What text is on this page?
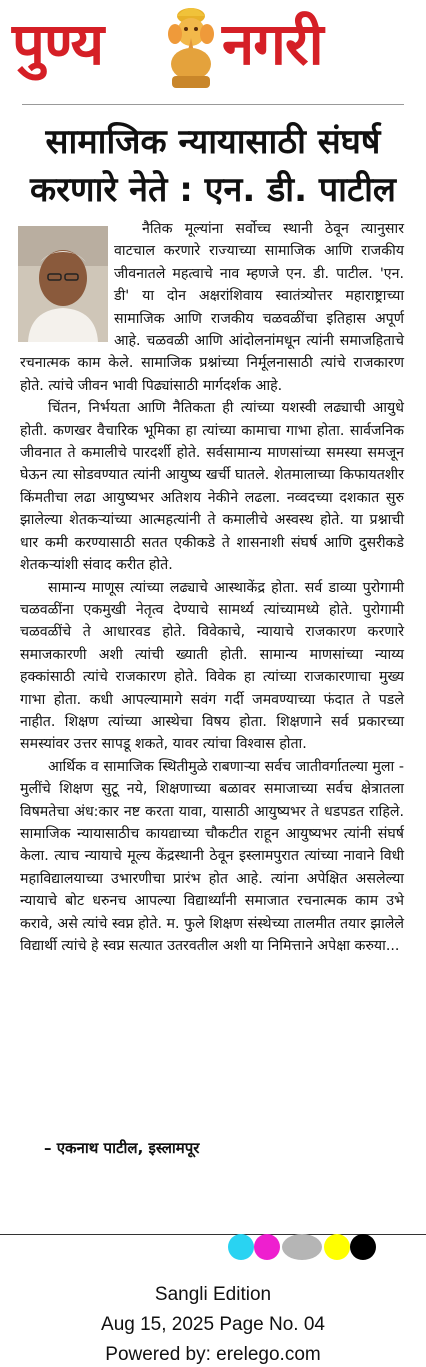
पुण्य नगरी
सामाजिक न्यायासाठी संघर्ष
करणारे नेते : एन. डी. पाटील

नैतिक मूल्यांना सर्वोच्च स्थानी ठेवून त्यानुसार वाटचाल करणारे राज्याच्या सामाजिक आणि राजकीय जीवनातले महत्वाचे नाव म्हणजे एन. डी. पाटील. 'एन. डी' या दोन अक्षरांशिवाय स्वातंत्र्योत्तर महाराष्ट्राच्या सामाजिक आणि राजकीय चळवळींचा इतिहास अपूर्ण आहे. चळवळी आणि आंदोलनांमधून त्यांनी समाजहिताचे रचनात्मक काम केले. सामाजिक प्रश्नांच्या निर्मूलनासाठी त्यांचे राजकारण होते. त्यांचे जीवन भावी पिढ्यांसाठी मार्गदर्शक आहे.

चिंतन, निर्भयता आणि नैतिकता ही त्यांच्या यशस्वी लढ्याची आयुधे होती. कणखर वैचारिक भूमिका हा त्यांच्या कामाचा गाभा होता. सार्वजनिक जीवनात ते कमालीचे पारदर्शी होते. सर्वसामान्य माणसांच्या समस्या समजून घेऊन त्या सोडवण्यात त्यांनी आयुष्य खर्ची घातले. शेतमालाच्या किफायतशीर किंमतीचा लढा आयुष्यभर अतिशय नेकीने लढला. नव्वदच्या दशकात सुरु झालेल्या शेतकऱ्यांच्या आत्महत्यांनी ते कमालीचे अस्वस्थ होते. या प्रश्नाची धार कमी करण्यासाठी सतत एकीकडे ते शासनाशी संघर्ष आणि दुसरीकडे शेतकऱ्यांशी संवाद करीत होते.

सामान्य माणूस त्यांच्या लढ्याचे आस्थाकेंद्र होता. सर्व डाव्या पुरोगामी चळवळींना एकमुखी नेतृत्व देण्याचे सामर्थ्य त्यांच्यामध्ये होते. पुरोगामी चळवळींचे ते आधारवड होते. विवेकाचे, न्यायाचे राजकारण करणारे समाजकारणी अशी त्यांची ख्याती होती. सामान्य माणसांच्या न्याय्य हक्कांसाठी त्यांचे राजकारण होते. विवेक हा त्यांच्या राजकारणाचा मुख्य गाभा होता. कधी आपल्यामागे सवंग गर्दी जमवण्याच्या फंदात ते पडले नाहीत. शिक्षण त्यांच्या आस्थेचा विषय होता. शिक्षणाने सर्व प्रकारच्या समस्यांवर उत्तर सापडू शकते, यावर त्यांचा विश्वास होता.

आर्थिक व सामाजिक स्थितीमुळे राबणाऱ्या सर्वच जातीवर्गातल्या मुला - मुलींचे शिक्षण सुटू नये, शिक्षणाच्या बळावर समाजाच्या सर्वच क्षेत्रातला विषमतेचा अंध:कार नष्ट करता यावा, यासाठी आयुष्यभर ते धडपडत राहिले. सामाजिक न्यायासाठीच कायद्याच्या चौकटीत राहून आयुष्यभर त्यांनी संघर्ष केला. त्याच न्यायाचे मूल्य केंद्रस्थानी ठेवून इस्लामपुरात त्यांच्या नावाने विधी महाविद्यालयाच्या उभारणीचा प्रारंभ होत आहे. त्यांना अपेक्षित असलेल्या न्यायाचे बोट धरुनच आपल्या विद्यार्थ्यांनी समाजात रचनात्मक काम उभे करावे, असे त्यांचे स्वप्न होते. म. फुले शिक्षण संस्थेच्या तालमीत तयार झालेले विद्यार्थी त्यांचे हे स्वप्न सत्यात उतरवतील अशी या निमित्ताने अपेक्षा करुया...

– एकनाथ पाटील, इस्लामपूर
Sangli Edition
Aug 15, 2025 Page No. 04
Powered by: erelego.com
